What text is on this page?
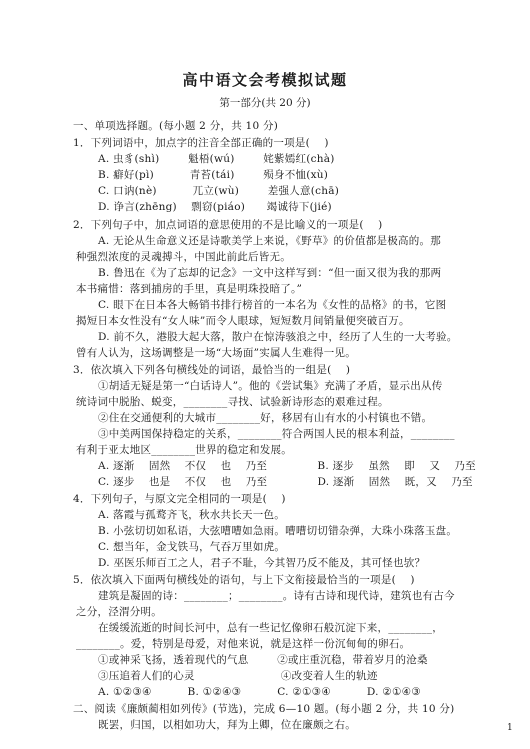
高中语文会考模拟试题
第一部分(共 20 分)
一、单项选择题。(每小题 2 分，共 10 分)
1．下列词语中，加点字的注音全部正确的一项是(    )
A. 虫豸(shì)        魁梧(wú)        姹紫嫣红(chà)
B. 癖好(pì)          青苔(tái)        殒身不恤(xù)
C. 口讷(nè)          兀立(wù)        差强人意(chā)
D. 诤言(zhēng)    剽窃(piáo)      竭诚待下(jié)
2．下列句子中，加点词语的意思使用的不是比喻义的一项是(    )
A. 无论从生命意义还是诗歌美学上来说，《野草》的价值都是极高的。那
种强烈浓度的灵魂搏斗，中国此前此后皆无。
B. 鲁迅在《为了忘却的记念》一文中这样写到：“但一面又很为我的那两
本书痛惜：落到捕房的手里，真是明珠投暗了。”
C. 眼下在日本各大畅销书排行榜首的一本名为《女性的品格》的书，它图
揭短日本女性没有“女人味”而令人眼球，短短数月间销量便突破百万。
D. 前不久，港股大起大落，散户在惊涛骇浪之中，经历了人生的一大考验。
曾有人认为，这场调整是一场“大场面”实属人生难得一见。
3．依次填入下列各句横线处的词语，最恰当的一组是(    )
①胡适无疑是第一“白话诗人”。他的《尝试集》充满了矛盾，显示出从传
统诗词中脱胎、蜕变，________寻找、试验新诗形态的艰难过程。
②住在交通便利的大城市________好，移居有山有水的小村镇也不错。
③中美两国保持稳定的关系，________符合两国人民的根本利益，________
有利于亚太地区________世界的稳定和发展。
A. 逐渐    固然    不仅    也    乃至              B. 逐步    虽然    即    又    乃至
C. 逐步    也是    不仅    也    乃至              D. 逐渐    固然    既，又    乃至
4．下列句子，与原文完全相同的一项是(    )
A. 落霞与孤鹜齐飞，秋水共长天一色。
B. 小弦切切如私语，大弦嘈嘈如急雨。嘈嘈切切错杂弹，大珠小珠落玉盘。
C. 想当年，金戈铁马，气吞万里如虎。
D. 巫医乐师百工之人，君子不耻，今其智乃反不能及，其可怪也欤？
5．依次填入下面两句横线处的语句，与上下文衔接最恰当的一项是(    )
建筑是凝固的诗：________；________。诗有古诗和现代诗，建筑也有古今
之分，泾渭分明。
在缓缓流逝的时间长河中，总有一些记忆像卵石般沉淀下来，________，
________。爱，特别是母爱，对他来说，就是这样一份沉甸甸的卵石。
①或神采飞扬，透着现代的气息        ②或庄重沉稳，带着岁月的沧桑
③压追着人们的心灵                        ④改变着人生的轨迹
A. ①②③④          B. ①②④③          C. ②①③④          D. ②①④③
二、阅读《廉颇蔺相如列传》(节选)，完成 6—10 题。(每小题 2 分，共 10 分)
既罢，归国，以相如功大，拜为上卿，位在廉颇之右。	1
